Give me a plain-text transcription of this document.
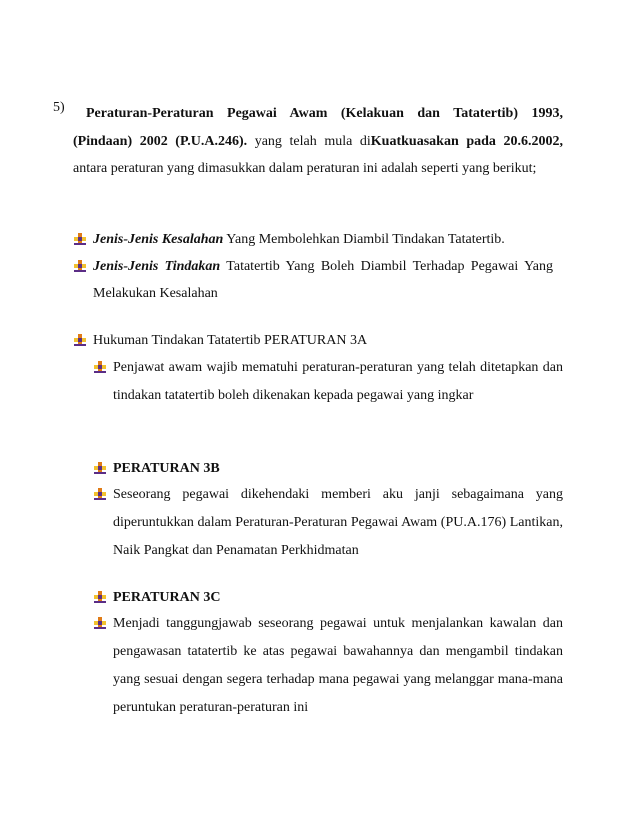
5)	Peraturan-Peraturan Pegawai Awam (Kelakuan dan Tatatertib) 1993, (Pindaan) 2002 (P.U.A.246). yang telah mula diKuatkuasakan pada 20.6.2002, antara peraturan yang dimasukkan dalam peraturan ini adalah seperti yang berikut;
Jenis-Jenis Kesalahan Yang Membolehkan Diambil Tindakan Tatatertib.
Jenis-Jenis Tindakan Tatatertib Yang Boleh Diambil Terhadap Pegawai Yang Melakukan Kesalahan
Hukuman Tindakan Tatatertib PERATURAN 3A
Penjawat awam wajib mematuhi peraturan-peraturan yang telah ditetapkan dan tindakan tatatertib boleh dikenakan kepada pegawai yang ingkar
PERATURAN 3B
Seseorang pegawai dikehendaki memberi aku janji sebagaimana yang diperuntukkan dalam Peraturan-Peraturan Pegawai Awam (PU.A.176) Lantikan, Naik Pangkat dan Penamatan Perkhidmatan
PERATURAN 3C
Menjadi tanggungjawab seseorang pegawai untuk menjalankan kawalan dan pengawasan tatatertib ke atas pegawai bawahannya dan mengambil tindakan yang sesuai dengan segera terhadap mana pegawai yang melanggar mana-mana peruntukan peraturan-peraturan ini
